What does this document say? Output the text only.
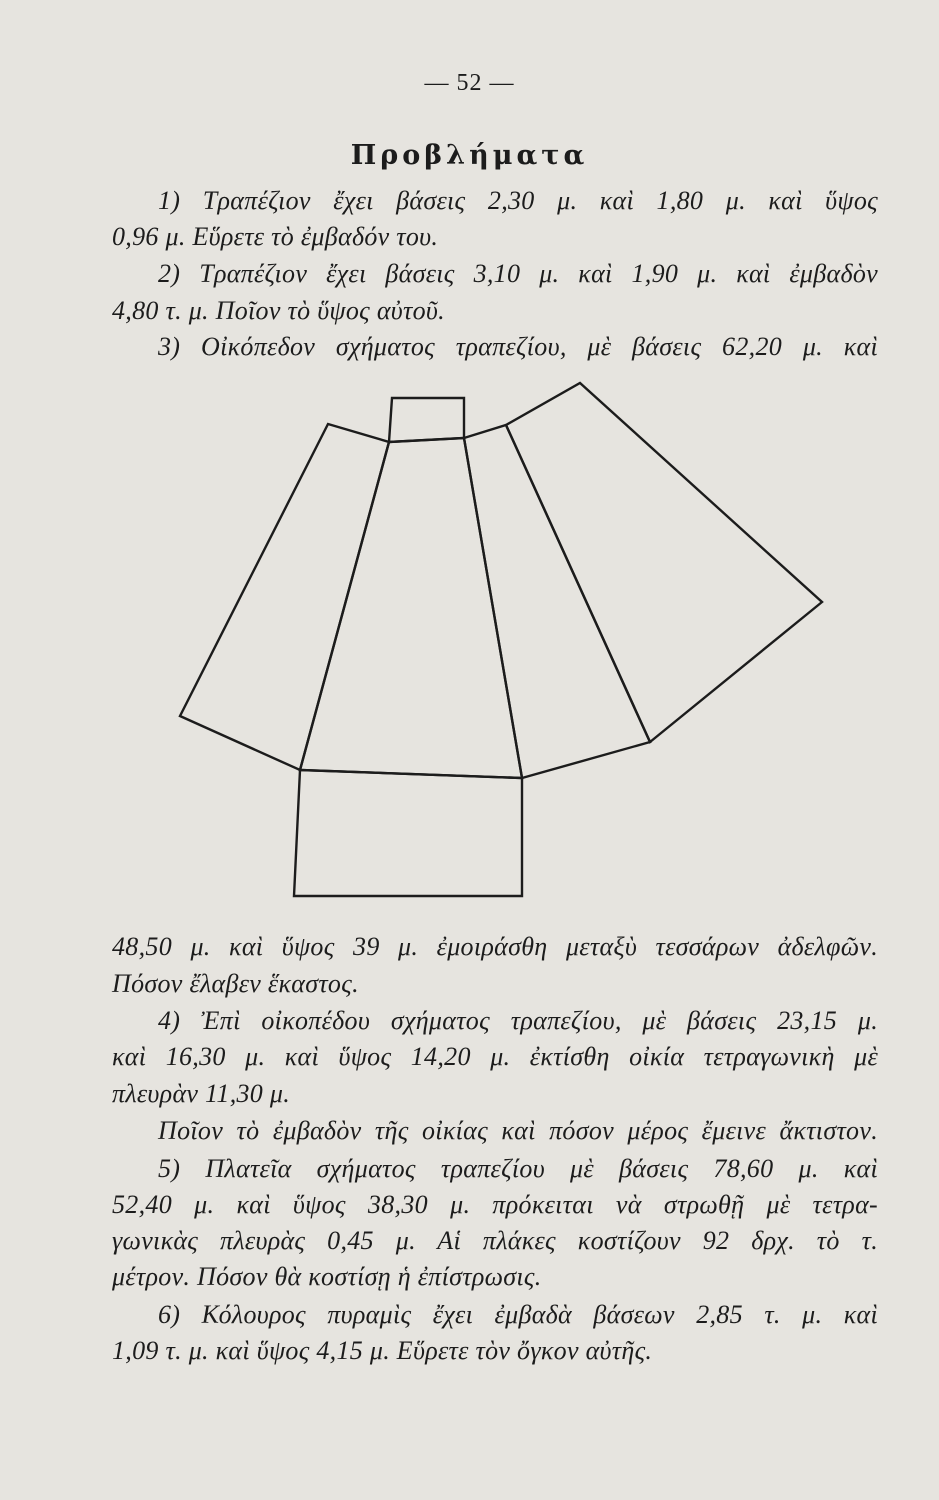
— 52 —
Προβλήματα
1) Τραπέζιον ἔχει βάσεις 2,30 μ. καὶ 1,80 μ. καὶ ὕψος
0,96 μ. Εὕρετε τὸ ἐμβαδόν του.
2) Τραπέζιον ἔχει βάσεις 3,10 μ. καὶ 1,90 μ. καὶ ἐμβαδὸν
4,80 τ. μ. Ποῖον τὸ ὕψος αὐτοῦ.
3) Οἰκόπεδον σχήματος τραπεζίου, μὲ βάσεις 62,20 μ. καὶ
48,50 μ. καὶ ὕψος 39 μ. ἐμοιράσθη μεταξὺ τεσσάρων ἀδελφῶν.
Πόσον ἔλαβεν ἕκαστος.
4) Ἐπὶ οἰκοπέδου σχήματος τραπεζίου, μὲ βάσεις 23,15 μ.
καὶ 16,30 μ. καὶ ὕψος 14,20 μ. ἐκτίσθη οἰκία τετραγωνικὴ μὲ
πλευρὰν 11,30 μ.
Ποῖον τὸ ἐμβαδὸν τῆς οἰκίας καὶ πόσον μέρος ἔμεινε ἄκτιστον.
5) Πλατεῖα σχήματος τραπεζίου μὲ βάσεις 78,60 μ. καὶ
52,40 μ. καὶ ὕψος 38,30 μ. πρόκειται νὰ στρωθῇ μὲ τετρα-
γωνικὰς πλευρὰς 0,45 μ. Αἱ πλάκες κοστίζουν 92 δρχ. τὸ τ.
μέτρον. Πόσον θὰ κοστίσῃ ἡ ἐπίστρωσις.
6) Κόλουρος πυραμὶς ἔχει ἐμβαδὰ βάσεων 2,85 τ. μ. καὶ
1,09 τ. μ. καὶ ὕψος 4,15 μ. Εὕρετε τὸν ὄγκον αὐτῆς.
